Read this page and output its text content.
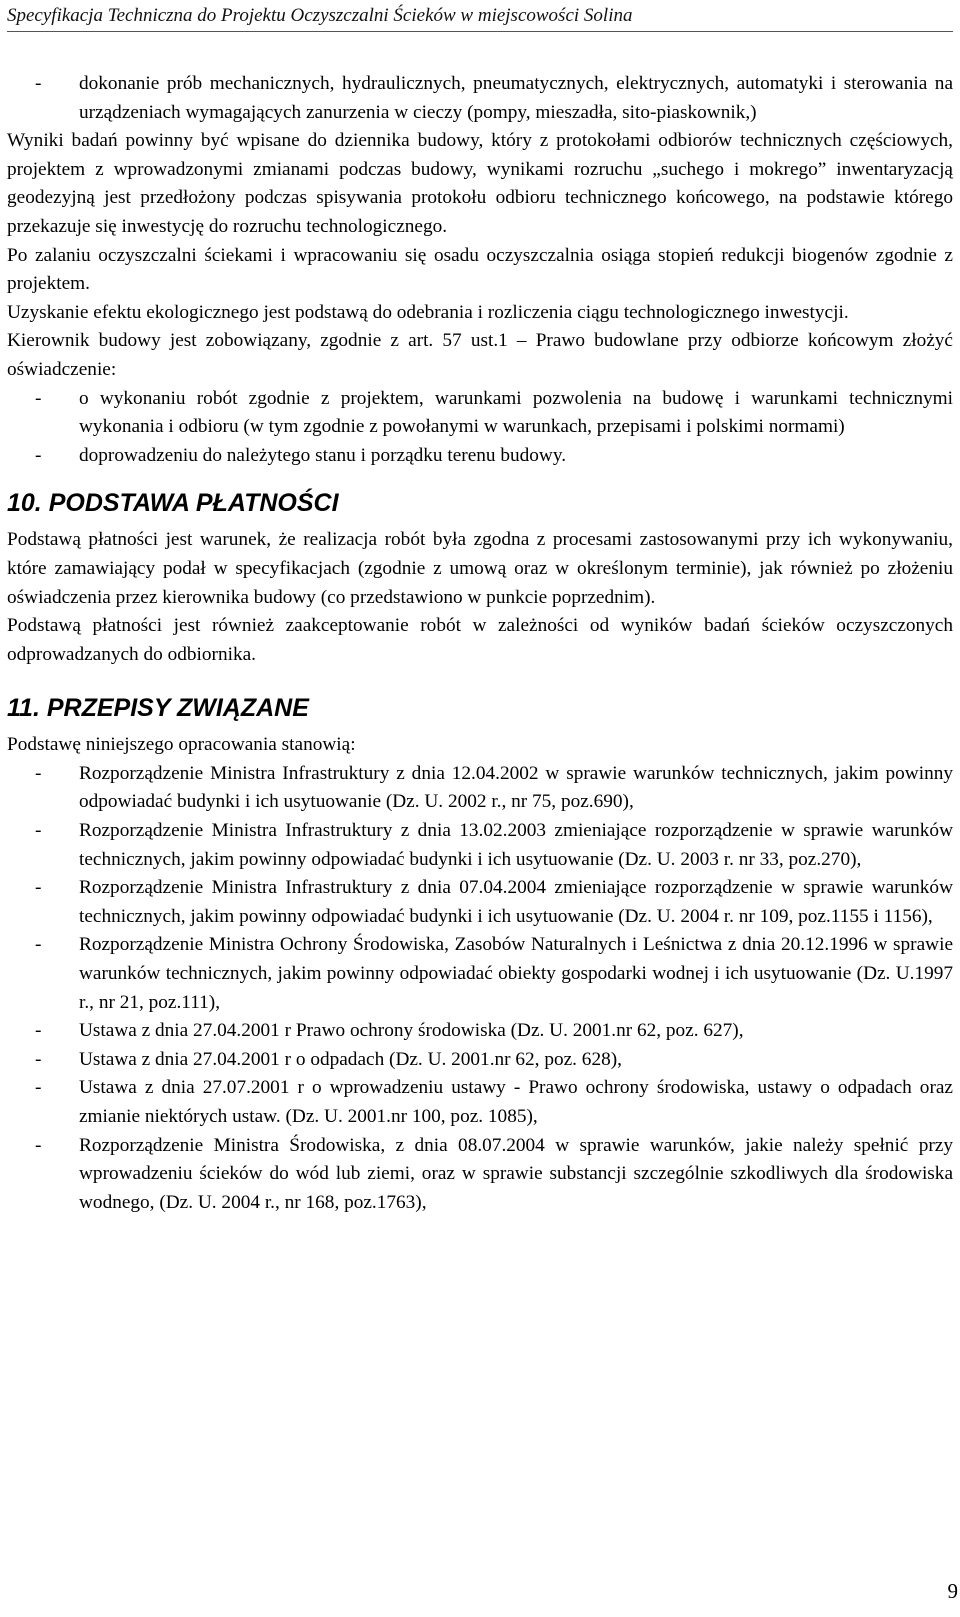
Specyfikacja Techniczna do Projektu Oczyszczalni Ścieków w miejscowości Solina
- dokonanie prób mechanicznych, hydraulicznych, pneumatycznych, elektrycznych, automatyki i sterowania na urządzeniach wymagających zanurzenia w cieczy (pompy, mieszadła, sito-piaskownik,)

Wyniki badań powinny być wpisane do dziennika budowy, który z protokołami odbiorów technicznych częściowych, projektem z wprowadzonymi zmianami podczas budowy, wynikami rozruchu „suchego i mokrego” inwentaryzacją geodezyjną jest przedłożony podczas spisywania protokołu odbioru technicznego końcowego, na podstawie którego przekazuje się inwestycję do rozruchu technologicznego.

Po zalaniu oczyszczalni ściekami i wpracowaniu się osadu oczyszczalnia osiąga stopień redukcji biogenów zgodnie z projektem.

Uzyskanie efektu ekologicznego jest podstawą do odebrania i rozliczenia ciągu technologicznego inwestycji.

Kierownik budowy jest zobowiązany, zgodnie z art. 57 ust.1 – Prawo budowlane przy odbiorze końcowym złożyć oświadczenie:

- o wykonaniu robót zgodnie z projektem, warunkami pozwolenia na budowę i warunkami technicznymi wykonania i odbioru (w tym zgodnie z powołanymi w warunkach, przepisami i polskimi normami)
- doprowadzeniu do należytego stanu i porządku terenu budowy.
10. PODSTAWA PŁATNOŚCI

Podstawą płatności jest warunek, że realizacja robót była zgodna z procesami zastosowanymi przy ich wykonywaniu, które zamawiający podał w specyfikacjach (zgodnie z umową oraz w określonym terminie), jak również po złożeniu oświadczenia przez kierownika budowy (co przedstawiono w punkcie poprzednim).

Podstawą płatności jest również zaakceptowanie robót w zależności od wyników badań ścieków oczyszczonych odprowadzanych do odbiornika.

11. PRZEPISY ZWIĄZANE

Podstawę niniejszego opracowania stanowią:

- Rozporządzenie Ministra Infrastruktury z dnia 12.04.2002 w sprawie warunków technicznych, jakim powinny odpowiadać budynki i ich usytuowanie (Dz. U. 2002 r., nr 75, poz.690),
- Rozporządzenie Ministra Infrastruktury z dnia 13.02.2003 zmieniające rozporządzenie w sprawie warunków technicznych, jakim powinny odpowiadać budynki i ich usytuowanie (Dz. U. 2003 r. nr 33, poz.270),
- Rozporządzenie Ministra Infrastruktury z dnia 07.04.2004 zmieniające rozporządzenie w sprawie warunków technicznych, jakim powinny odpowiadać budynki i ich usytuowanie (Dz. U. 2004 r. nr 109, poz.1155 i 1156),
- Rozporządzenie Ministra Ochrony Środowiska, Zasobów Naturalnych i Leśnictwa z dnia 20.12.1996 w sprawie warunków technicznych, jakim powinny odpowiadać obiekty gospodarki wodnej i ich usytuowanie (Dz. U.1997 r., nr 21, poz.111),
- Ustawa z dnia 27.04.2001 r Prawo ochrony środowiska (Dz. U. 2001.nr 62, poz. 627),
- Ustawa z dnia 27.04.2001 r o odpadach (Dz. U. 2001.nr 62, poz. 628),
- Ustawa z dnia 27.07.2001 r o wprowadzeniu ustawy - Prawo ochrony środowiska, ustawy o odpadach oraz zmianie niektórych ustaw. (Dz. U. 2001.nr 100, poz. 1085),
- Rozporządzenie Ministra Środowiska, z dnia 08.07.2004 w sprawie warunków, jakie należy spełnić przy wprowadzeniu ścieków do wód lub ziemi, oraz w sprawie substancji szczególnie szkodliwych dla środowiska wodnego, (Dz. U. 2004 r., nr 168, poz.1763),
9
